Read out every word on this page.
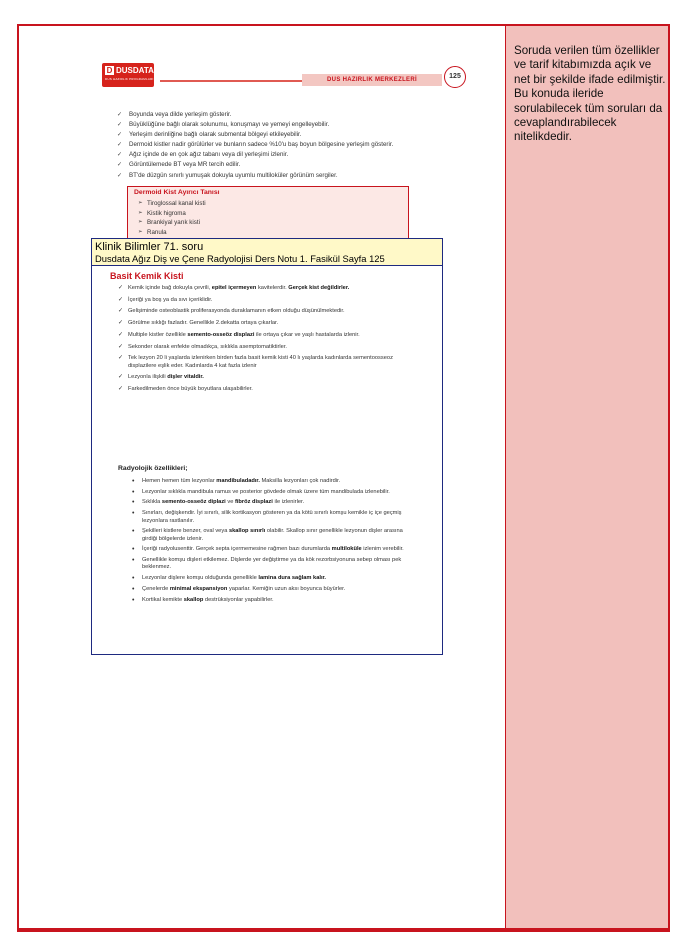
D DUSDATA
DUS HAZIRLIK PROGRAMLARI	DUS HAZIRLIK MERKEZLERİ	125
✓ Boyunda veya dilde yerleşim gösterir.
✓ Büyüklüğüne bağlı olarak solunumu, konuşmayı ve yemeyi engelleyebilir.
✓ Yerleşim derinliğine bağlı olarak submental bölgeyi etkileyebilir.
✓ Dermoid kistler nadir görülürler ve bunların sadece %10'u baş boyun bölgesine yerleşim gösterir.
✓ Ağız içinde de en çok ağız tabanı veya dil yerleşimi izlenir.
✓ Görüntülemede BT veya MR tercih edilir.
✓ BT'de düzgün sınırlı yumuşak dokuyla uyumlu multiloküler görünüm sergiler.
Dermoid Kist Ayırıcı Tanısı
➢ Tiroglossal kanal kisti
➢ Kistik higroma
➢ Brankiyal yarık kisti
➢ Ranula
Klinik Bilimler 71. soru
Dusdata Ağız Diş ve Çene Radyolojisi Ders Notu 1. Fasikül Sayfa 125
Basit Kemik Kisti
✓ Kemik içinde bağ dokuyla çevrili, epitel içermeyen kavitelerdir. Gerçek kist değildirler.
✓ İçeriği ya boş ya da sıvı içeriklidir.
✓ Gelişiminde osteoblastik proliferasyonda duraklamanın etken olduğu düşünülmektedir.
✓ Görülme sıklığı fazladır. Genellikle 2.dekatta ortaya çıkarlar.
✓ Multiple kistler özellikle semento-osseöz displazi ile ortaya çıkar ve yaşlı hastalarda izlenir.
✓ Sekonder olarak enfekte olmadıkça, sıklıkla asemptomatiktirler.
✓ Tek lezyon 20 li yaşlarda izlenirken birden fazla basit kemik kisti 40 lı yaşlarda kadınlarda sementoosseoz displazilere eşlik eder. Kadınlarda 4 kat fazla izlenir
✓ Lezyonla ilişkili dişler vitaldir.
✓ Farkedilmeden önce büyük boyutlara ulaşabilirler.
Radyolojik özellikleri;
• Hemen hemen tüm lezyonlar mandibuladadır. Maksilla lezyonları çok nadirdir.
• Lezyonlar sıklıkla mandibula ramus ve posterior gövdede olmak üzere tüm mandibulada izlenebilir.
• Sıklıkla semento-osseöz diplazi ve fibröz displazi ile izlenirler.
• Sınırları, değişkendir. İyi sınırlı, silik kortikasyon gösteren ya da kötü sınırlı komşu kemikle iç içe geçmiş lezyonlara rastlanılır.
• Şekilleri kistlere benzer, oval veya skallop sınırlı olabilir. Skallop sınır genellikle lezyonun dişler arasına girdiği bölgelerde izlenir.
• İçeriği radyolusenttir. Gerçek septa içermemesine rağmen bazı durumlarda multiloküle izlenim verebilir.
• Genellikle komşu dişleri etkilemez. Dişlerde yer değiştirme ya da kök rezorbsiyonuna sebep olması pek beklenmez.
• Lezyonlar dişlere komşu olduğunda genellikle lamina dura sağlam kalır.
• Çenelerde minimal ekspansiyon yaparlar. Kemiğin uzun aksı boyunca büyürler.
• Kortikal kemikte skallop destrüksiyonlar yapabilirler.
Soruda verilen tüm özellikler ve tarif kitabımızda açık ve net bir şekilde ifade edilmiştir. Bu konuda ileride sorulabilecek tüm soruları da cevaplandırabilecek nitelikdedir.
